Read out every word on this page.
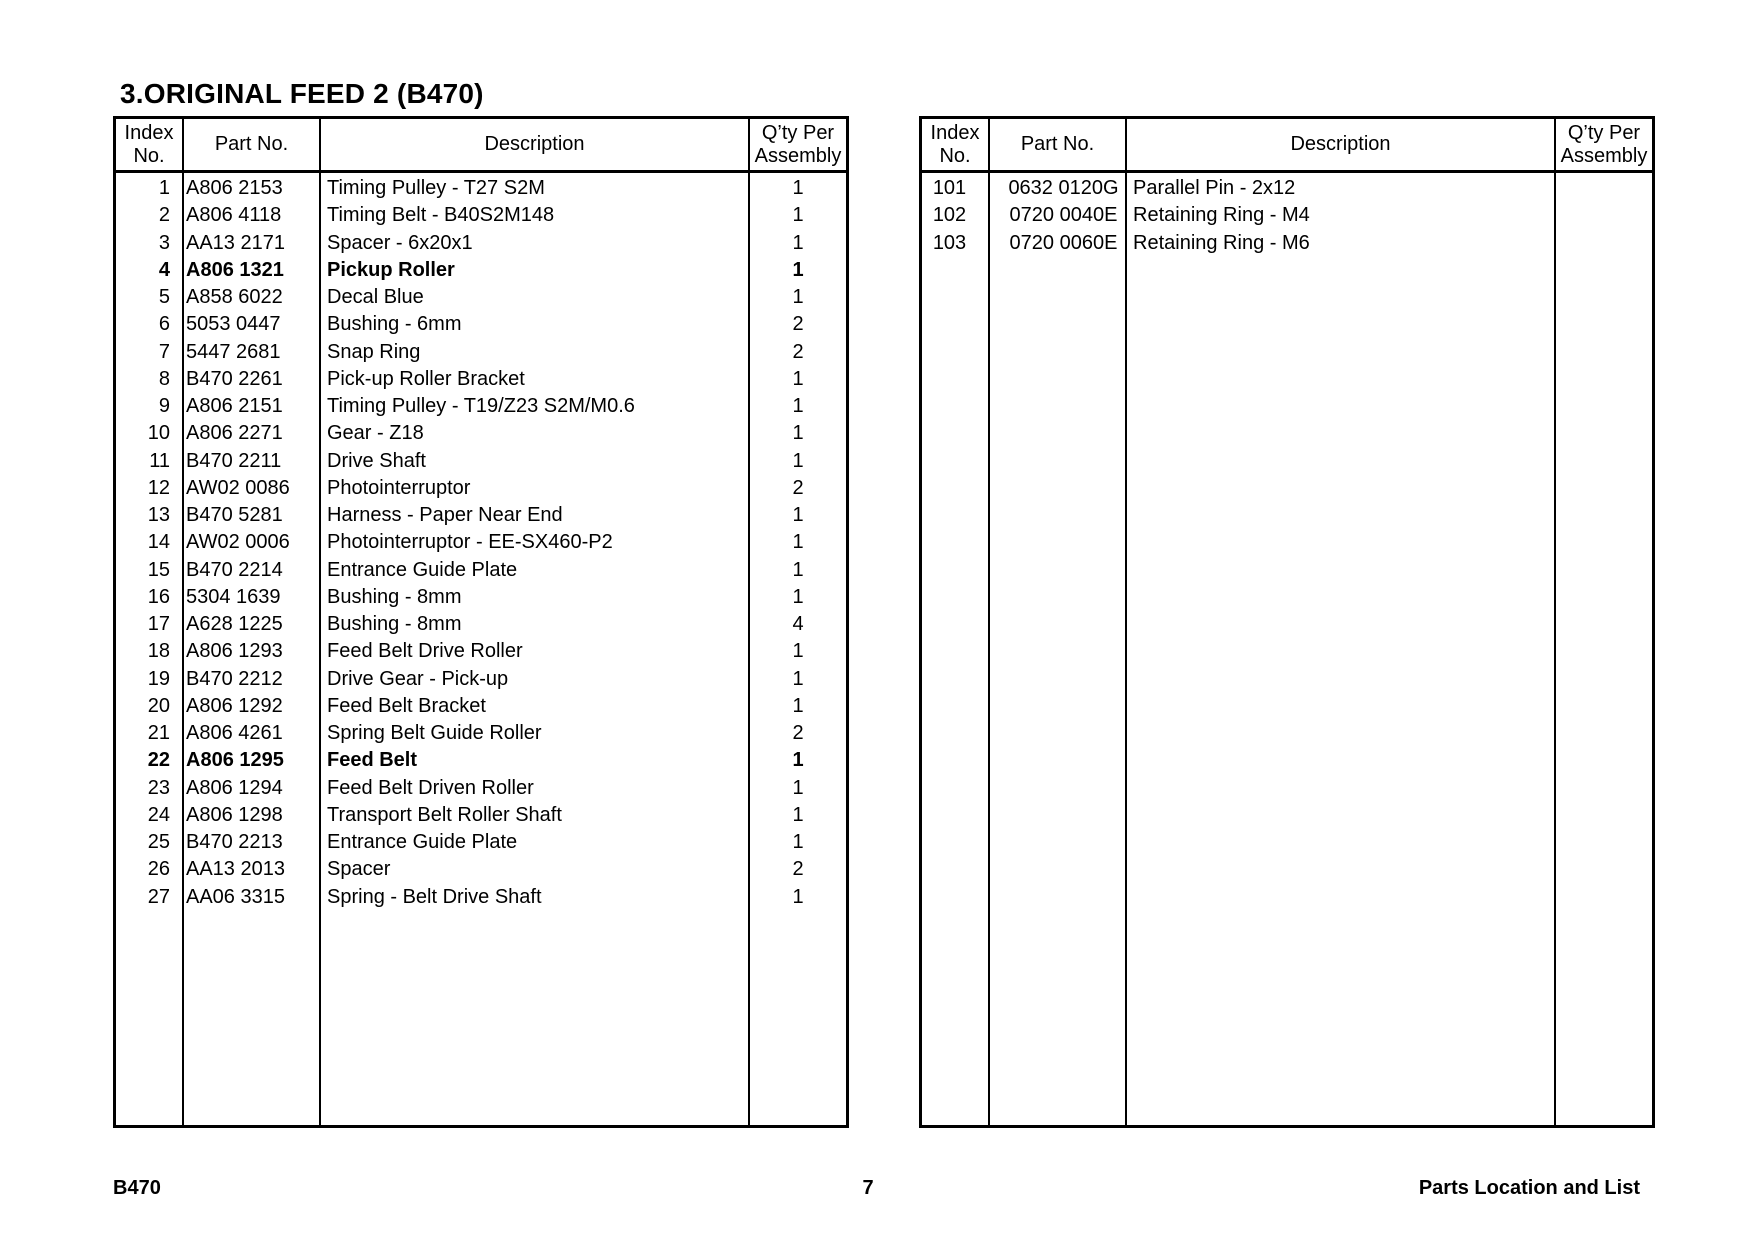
3.ORIGINAL FEED 2 (B470)
Index
No.
Part No.	Description
Q’ty Per
Assembly
1 A806 2153	Timing Pulley - T27 S2M	1
2 A806 4118	Timing Belt - B40S2M148	1
3 AA13 2171	Spacer - 6x20x1	1
4 A806 1321	Pickup Roller	1
5 A858 6022	Decal Blue	1
6 5053 0447	Bushing - 6mm	2
7 5447 2681	Snap Ring	2
8 B470 2261	Pick-up Roller Bracket	1
9 A806 2151	Timing Pulley - T19/Z23 S2M/M0.6	1
10 A806 2271	Gear - Z18	1
11 B470 2211	Drive Shaft	1
12 AW02 0086	Photointerruptor	2
13 B470 5281	Harness - Paper Near End	1
14 AW02 0006	Photointerruptor - EE-SX460-P2	1
15 B470 2214	Entrance Guide Plate	1
16 5304 1639	Bushing - 8mm	1
17 A628 1225	Bushing - 8mm	4
18 A806 1293	Feed Belt Drive Roller	1
19 B470 2212	Drive Gear - Pick-up	1
20 A806 1292	Feed Belt Bracket	1
21 A806 4261	Spring Belt Guide Roller	2
22 A806 1295	Feed Belt	1
23 A806 1294	Feed Belt Driven Roller	1
24 A806 1298	Transport Belt Roller Shaft	1
25 B470 2213	Entrance Guide Plate	1
26 AA13 2013	Spacer	2
27 AA06 3315	Spring - Belt Drive Shaft	1
Index
No.
Part No.	Description
Q’ty Per
Assembly
101	0632 0120G Parallel Pin - 2x12
102	0720 0040E Retaining Ring - M4
103	0720 0060E Retaining Ring - M6
B470	7	Parts Location and List
